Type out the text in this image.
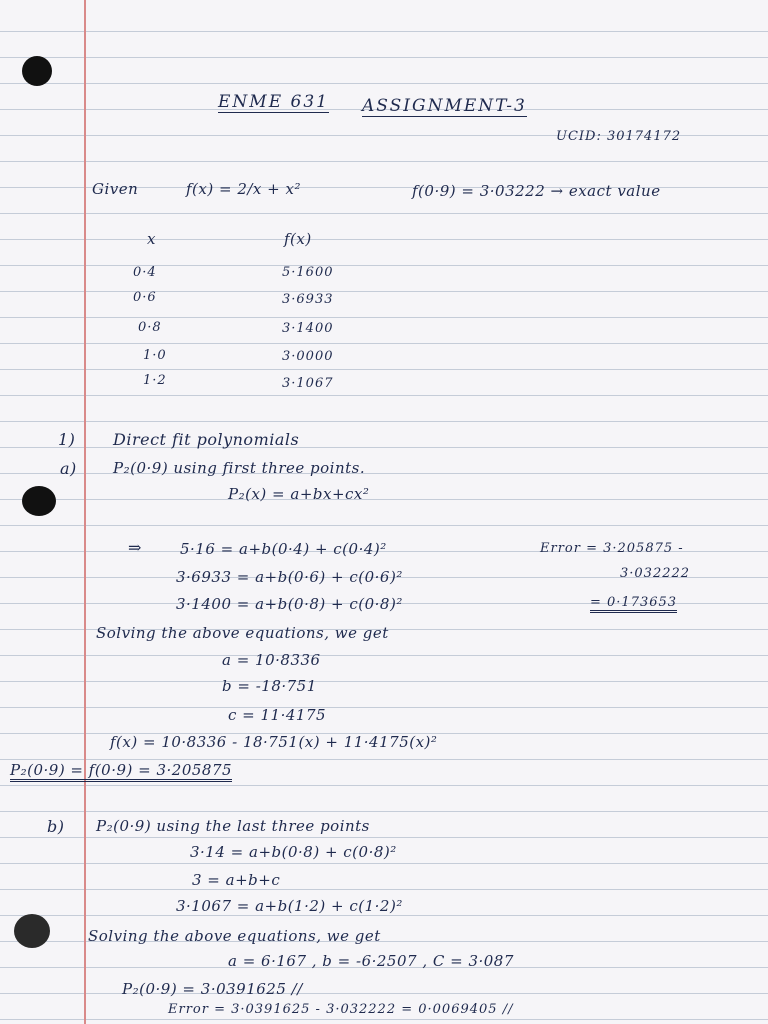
ENME 631 ASSIGNMENT-3
UCID: 30174172
Given	f(x) = 2/x + x²	f(0·9) = 3·03222 → exact value
x	f(x)
0·4	5·1600
0·6	3·6933
0·8	3·1400
1·0	3·0000
1·2	3·1067
1) Direct fit polynomials
a) P₂(0·9) using first three points.
P₂(x) = a+bx+cx²
⇒	5·16 = a+b(0·4) + c(0·4)²
3·6933 = a+b(0·6) + c(0·6)²
3·1400 = a+b(0·8) + c(0·8)²
Error = 3·205875 -
3·032222
= 0·173653
Solving the above equations, we get
a = 10·8336
b = -18·751
c = 11·4175
f(x) = 10·8336 - 18·751(x) + 11·4175(x)²
P₂(0·9) = f(0·9) = 3·205875
b) P₂(0·9) using the last three points
3·14 = a+b(0·8) + c(0·8)²
3 = a+b+c
3·1067 = a+b(1·2) + c(1·2)²
Solving the above equations, we get
a = 6·167 , b = -6·2507 , C = 3·087
P₂(0·9) = 3·0391625 //
Error = 3·0391625 - 3·032222 = 0·0069405 //
